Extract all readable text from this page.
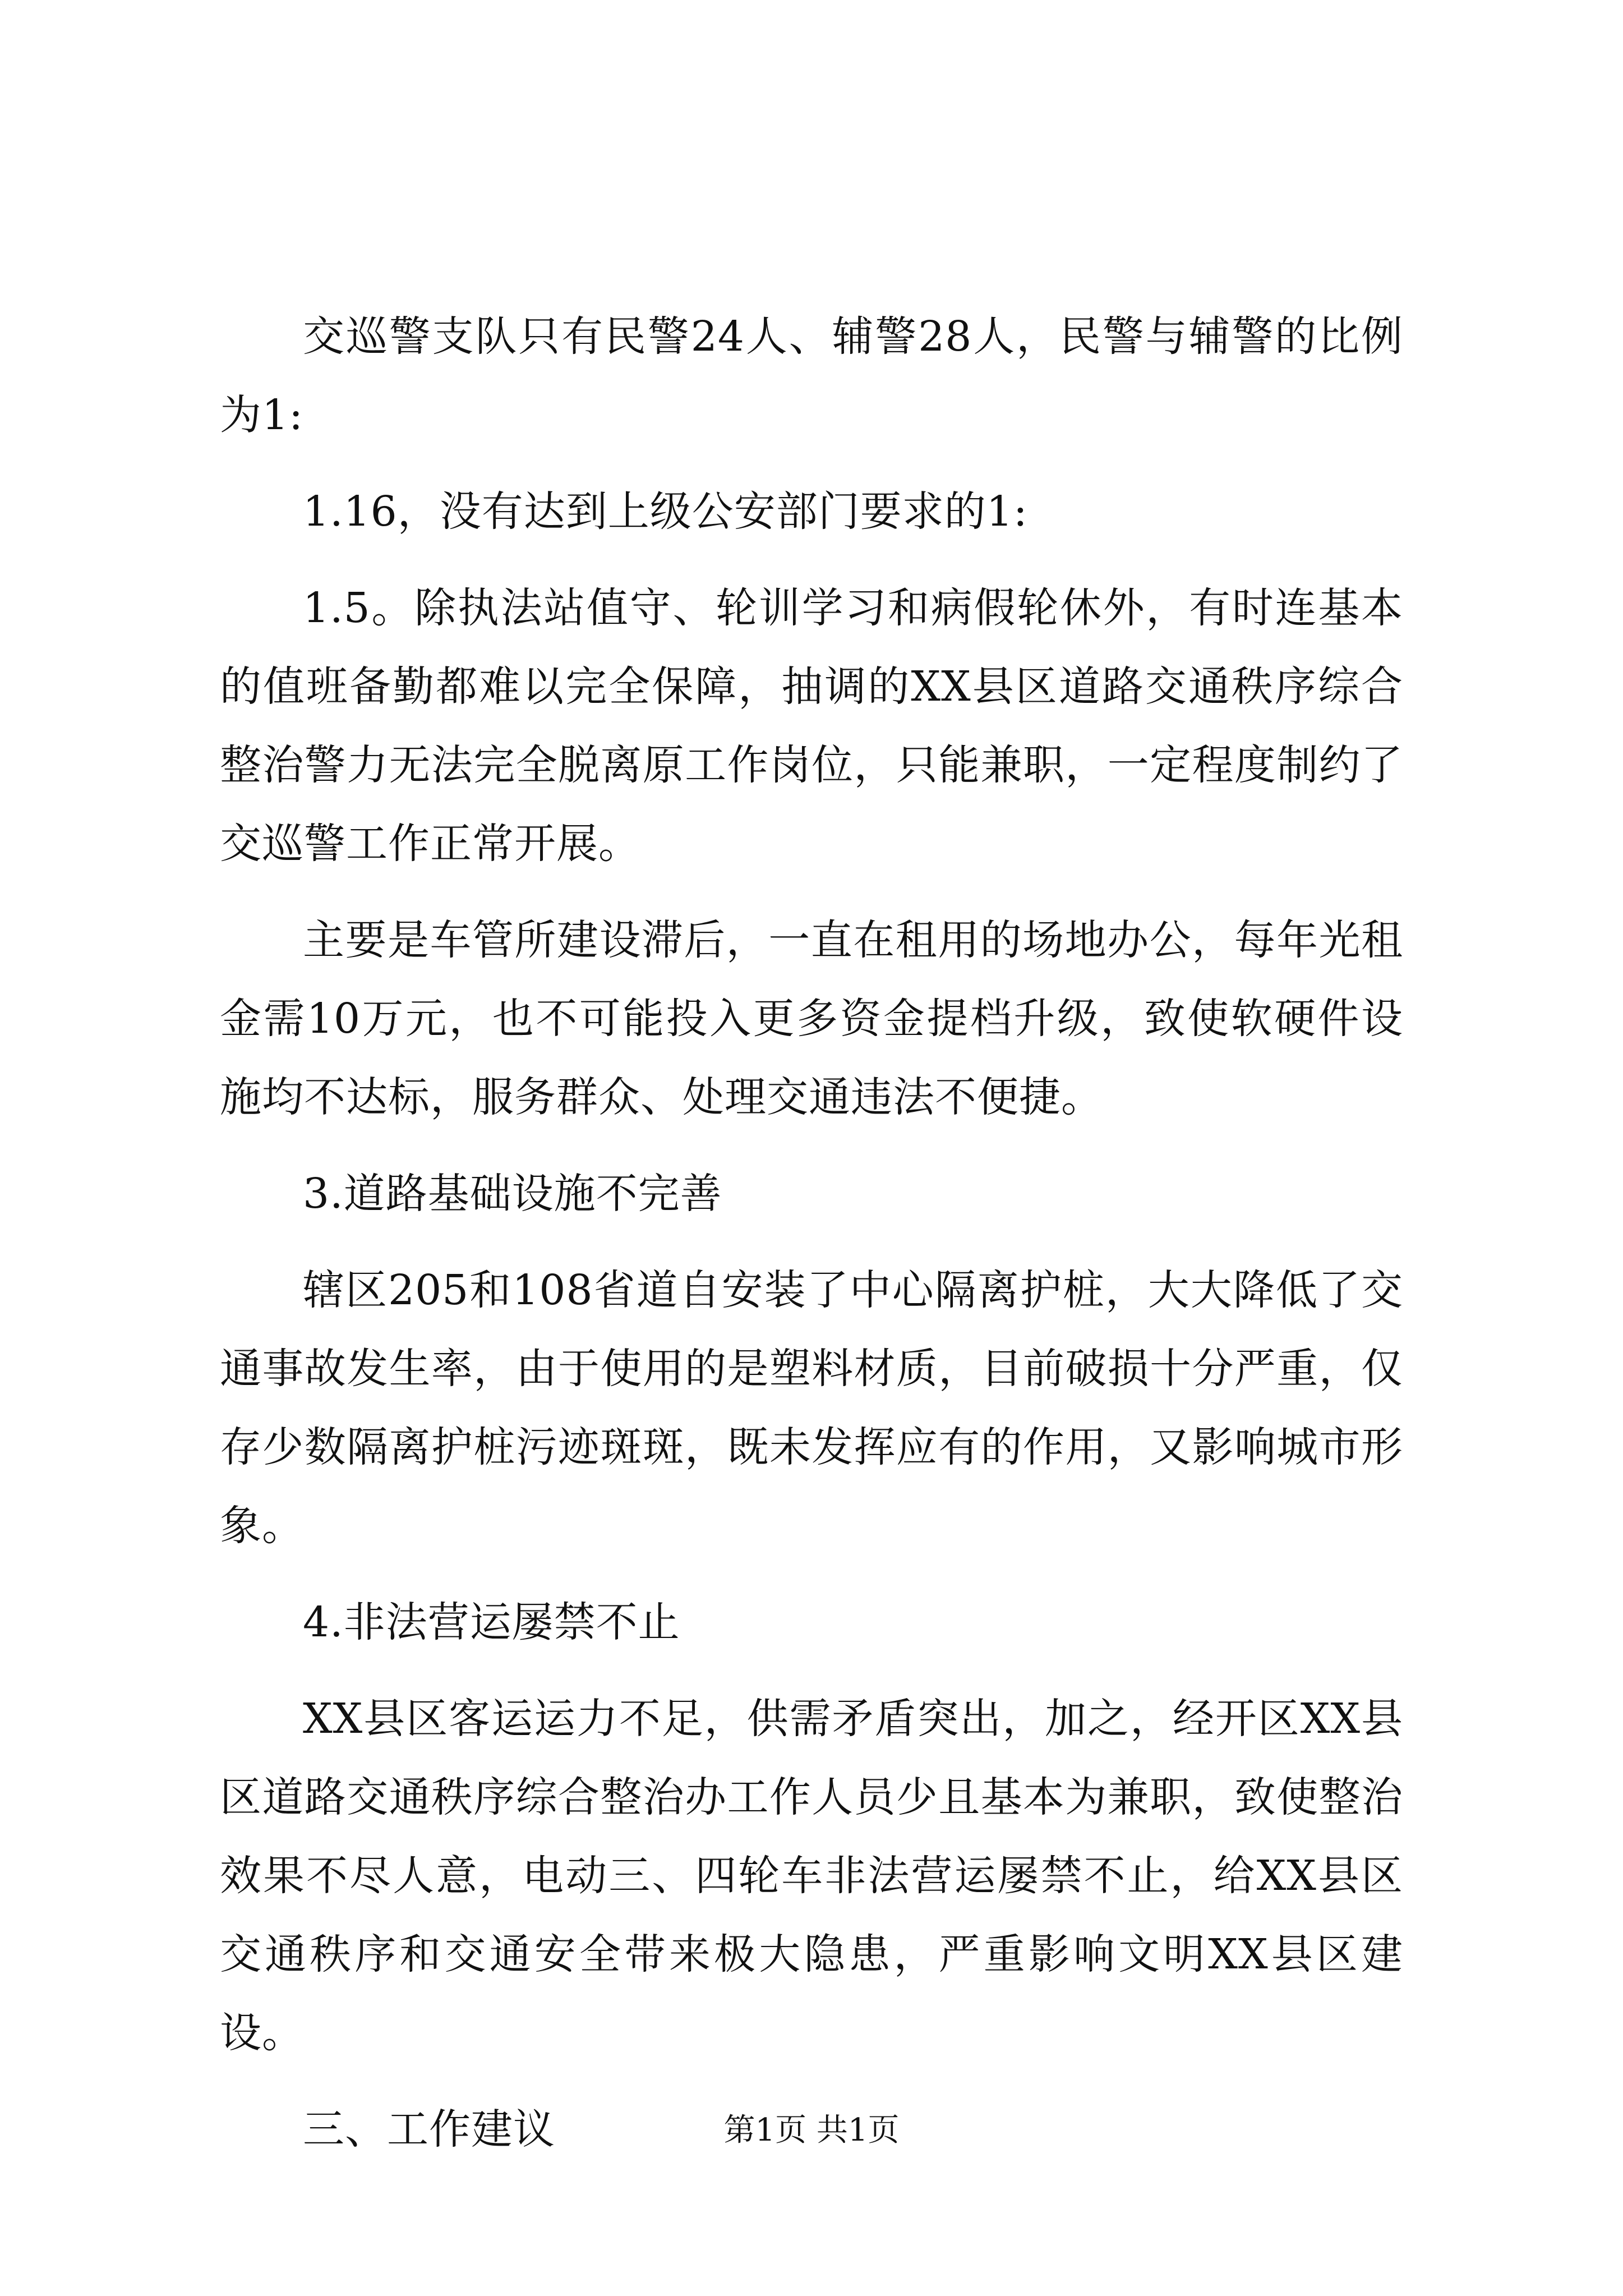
交巡警支队只有民警24人、辅警28人，民警与辅警的比例为1:

1.16，没有达到上级公安部门要求的1:

1.5。除执法站值守、轮训学习和病假轮休外，有时连基本的值班备勤都难以完全保障，抽调的XX县区道路交通秩序综合整治警力无法完全脱离原工作岗位，只能兼职，一定程度制约了交巡警工作正常开展。

主要是车管所建设滞后，一直在租用的场地办公，每年光租金需10万元，也不可能投入更多资金提档升级，致使软硬件设施均不达标，服务群众、处理交通违法不便捷。

3.道路基础设施不完善

辖区205和108省道自安装了中心隔离护桩，大大降低了交通事故发生率，由于使用的是塑料材质，目前破损十分严重，仅存少数隔离护桩污迹斑斑，既未发挥应有的作用，又影响城市形象。

4.非法营运屡禁不止

XX县区客运运力不足，供需矛盾突出，加之，经开区XX县区道路交通秩序综合整治办工作人员少且基本为兼职，致使整治效果不尽人意，电动三、四轮车非法营运屡禁不止，给XX县区交通秩序和交通安全带来极大隐患，严重影响文明XX县区建设。

三、工作建议	第1页 共1页
